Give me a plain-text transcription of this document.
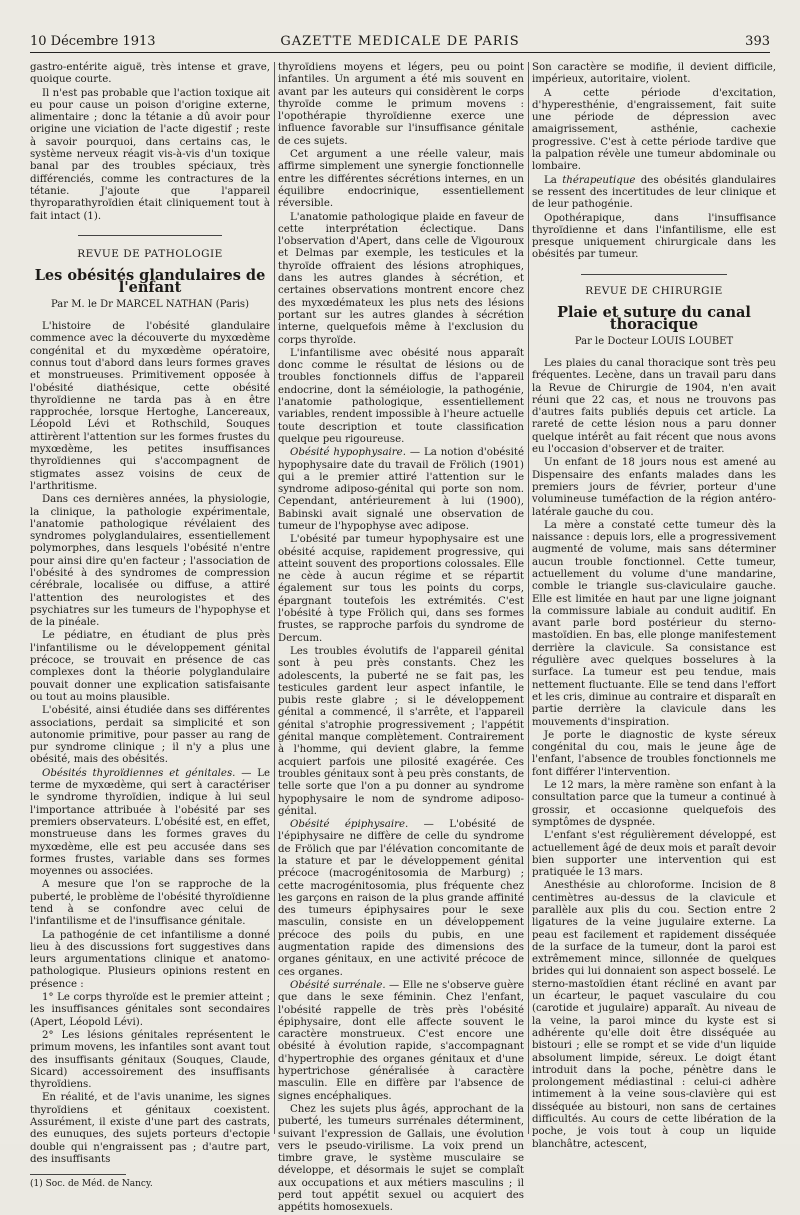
10 Décembre 1913	GAZETTE MEDICALE DE PARIS	393

gastro-entérite aiguë, très intense et grave, quoique courte.

Il n'est pas probable que l'action toxique ait eu pour cause un poison d'origine externe, alimentaire ; donc la tétanie a dû avoir pour origine une viciation de l'acte digestif ; reste à savoir pourquoi, dans certains cas, le système nerveux réagit vis-à-vis d'un toxique banal par des troubles spéciaux, très différenciés, comme les contractures de la tétanie. J'ajoute que l'appareil thyroparathyroïdien était cliniquement tout à fait intact (1).

REVUE DE PATHOLOGIE
Les obésités glandulaires de l'enfant
Par M. le Dr MARCEL NATHAN (Paris)

L'histoire de l'obésité glandulaire commence avec la découverte du myxœdème congénital et du myxœdème opératoire, connus tout d'abord dans leurs formes graves et monstrueuses. Primitivement opposée à l'obésité diathésique, cette obésité thyroïdienne ne tarda pas à en être rapprochée, lorsque Hertoghe, Lancereaux, Léopold Lévi et Rothschild, Souques attirèrent l'attention sur les formes frustes du myxœdème, les petites insuffisances thyroïdiennes qui s'accompagnent de stigmates assez voisins de ceux de l'arthritisme.

Dans ces dernières années, la physiologie, la clinique, la pathologie expérimentale, l'anatomie pathologique révélaient des syndromes polyglandulaires, essentiellement polymorphes, dans lesquels l'obésité n'entre pour ainsi dire qu'en facteur ; l'association de l'obésité à des syndromes de compression cérébrale, localisée ou diffuse, a attiré l'attention des neurologistes et des psychiatres sur les tumeurs de l'hypophyse et de la pinéale.

Le pédiatre, en étudiant de plus près l'infantilisme ou le développement génital précoce, se trouvait en présence de cas complexes dont la théorie polyglandulaire pouvait donner une explication satisfaisante ou tout au moins plausible.

L'obésité, ainsi étudiée dans ses différentes associations, perdait sa simplicité et son autonomie primitive, pour passer au rang de pur syndrome clinique ; il n'y a plus une obésité, mais des obésités.

Obésités thyroïdiennes et génitales. — Le terme de myxœdème, qui sert à caractériser le syndrome thyroïdien, indique à lui seul l'importance attribuée à l'obésité par ses premiers observateurs. L'obésité est, en effet, monstrueuse dans les formes graves du myxœdème, elle est peu accusée dans ses formes frustes, variable dans ses formes moyennes ou associées.

A mesure que l'on se rapproche de la puberté, le problème de l'obésité thyroïdienne tend à se confondre avec celui de l'infantilisme et de l'insuffisance génitale.

La pathogénie de cet infantilisme a donné lieu à des discussions fort suggestives dans leurs argumentations clinique et anatomo-pathologique. Plusieurs opinions restent en présence :

1° Le corps thyroïde est le premier atteint ; les insuffisances génitales sont secondaires (Apert, Léopold Lévi).

2° Les lésions génitales représentent le primum movens, les infantiles sont avant tout des insuffisants génitaux (Souques, Claude, Sicard) accessoirement des insuffisants thyroïdiens.

En réalité, et de l'avis unanime, les signes thyroïdiens et génitaux coexistent. Assurément, il existe d'une part des castrats, des eunuques, des sujets porteurs d'ectopie double qui n'engraissent pas ; d'autre part, des insuffisants

(1) Soc. de Méd. de Nancy.

thyroïdiens moyens et légers, peu ou point infantiles. Un argument a été mis souvent en avant par les auteurs qui considèrent le corps thyroïde comme le primum movens : l'opothérapie thyroïdienne exerce une influence favorable sur l'insuffisance génitale de ces sujets.

Cet argument a une réelle valeur, mais affirme simplement une synergie fonctionnelle entre les différentes sécrétions internes, en un équilibre endocrinique, essentiellement réversible.

L'anatomie pathologique plaide en faveur de cette interprétation éclectique. Dans l'observation d'Apert, dans celle de Vigouroux et Delmas par exemple, les testicules et la thyroïde offraient des lésions atrophiques, dans les autres glandes à sécrétion, et certaines observations montrent encore chez des myxœdémateux les plus nets des lésions portant sur les autres glandes à sécrétion interne, quelquefois même à l'exclusion du corps thyroïde.

L'infantilisme avec obésité nous apparaît donc comme le résultat de lésions ou de troubles fonctionnels diffus de l'appareil endocrine, dont la séméiologie, la pathogénie, l'anatomie pathologique, essentiellement variables, rendent impossible à l'heure actuelle toute description et toute classification quelque peu rigoureuse.

Obésité hypophysaire. — La notion d'obésité hypophysaire date du travail de Frölich (1901) qui a le premier attiré l'attention sur le syndrome adiposo-génital qui porte son nom. Cependant, antérieurement à lui (1900), Babinski avait signalé une observation de tumeur de l'hypophyse avec adipose.

L'obésité par tumeur hypophysaire est une obésité acquise, rapidement progressive, qui atteint souvent des proportions colossales. Elle ne cède à aucun régime et se répartit également sur tous les points du corps, épargnant toutefois les extrémités. C'est l'obésité à type Frölich qui, dans ses formes frustes, se rapproche parfois du syndrome de Dercum.

Les troubles évolutifs de l'appareil génital sont à peu près constants. Chez les adolescents, la puberté ne se fait pas, les testicules gardent leur aspect infantile, le pubis reste glabre ; si le développement génital a commencé, il s'arrête, et l'appareil génital s'atrophie progressivement ; l'appétit génital manque complètement. Contrairement à l'homme, qui devient glabre, la femme acquiert parfois une pilosité exagérée. Ces troubles génitaux sont à peu près constants, de telle sorte que l'on a pu donner au syndrome hypophysaire le nom de syndrome adiposo-génital.

Obésité épiphysaire. — L'obésité de l'épiphysaire ne diffère de celle du syndrome de Frölich que par l'élévation concomitante de la stature et par le développement génital précoce (macrogénitosomia de Marburg) ; cette macrogénitosomia, plus fréquente chez les garçons en raison de la plus grande affinité des tumeurs épiphysaires pour le sexe masculin, consiste en un développement précoce des poils du pubis, en une augmentation rapide des dimensions des organes génitaux, en une activité précoce de ces organes.

Obésité surrénale. — Elle ne s'observe guère que dans le sexe féminin. Chez l'enfant, l'obésité rappelle de très près l'obésité épiphysaire, dont elle affecte souvent le caractère monstrueux. C'est encore une obésité à évolution rapide, s'accompagnant d'hypertrophie des organes génitaux et d'une hypertrichose généralisée à caractère masculin. Elle en diffère par l'absence de signes encéphaliques.

Chez les sujets plus âgés, approchant de la puberté, les tumeurs surrénales déterminent, suivant l'expression de Gallais, une évolution vers le pseudo-virilisme. La voix prend un timbre grave, le système musculaire se développe, et désormais le sujet se complaît aux occupations et aux métiers masculins ; il perd tout appétit sexuel ou acquiert des appétits homosexuels.

Son caractère se modifie, il devient difficile, impérieux, autoritaire, violent.

A cette période d'excitation, d'hyperesthénie, d'engraissement, fait suite une période de dépression avec amaigrissement, asthénie, cachexie progressive. C'est à cette période tardive que la palpation révèle une tumeur abdominale ou lombaire.

La thérapeutique des obésités glandulaires se ressent des incertitudes de leur clinique et de leur pathogénie.

Opothérapique, dans l'insuffisance thyroïdienne et dans l'infantilisme, elle est presque uniquement chirurgicale dans les obésités par tumeur.

REVUE DE CHIRURGIE
Plaie et suture du canal thoracique
Par le Docteur LOUIS LOUBET

Les plaies du canal thoracique sont très peu fréquentes. Lecène, dans un travail paru dans la Revue de Chirurgie de 1904, n'en avait réuni que 22 cas, et nous ne trouvons pas d'autres faits publiés depuis cet article. La rareté de cette lésion nous a paru donner quelque intérêt au fait récent que nous avons eu l'occasion d'observer et de traiter.

Un enfant de 18 jours nous est amené au Dispensaire des enfants malades dans les premiers jours de février, porteur d'une volumineuse tuméfaction de la région antéro-latérale gauche du cou.

La mère a constaté cette tumeur dès la naissance : depuis lors, elle a progressivement augmenté de volume, mais sans déterminer aucun trouble fonctionnel. Cette tumeur, actuellement du volume d'une mandarine, comble le triangle sus-claviculaire gauche. Elle est limitée en haut par une ligne joignant la commissure labiale au conduit auditif. En avant parle bord postérieur du sterno-mastoïdien. En bas, elle plonge manifestement derrière la clavicule. Sa consistance est régulière avec quelques bosselures à la surface. La tumeur est peu tendue, mais nettement fluctuante. Elle se tend dans l'effort et les cris, diminue au contraire et disparaît en partie derrière la clavicule dans les mouvements d'inspiration.

Je porte le diagnostic de kyste séreux congénital du cou, mais le jeune âge de l'enfant, l'absence de troubles fonctionnels me font différer l'intervention.

Le 12 mars, la mère ramène son enfant à la consultation parce que la tumeur a continué à grossir, et occasionne quelquefois des symptômes de dyspnée.

L'enfant s'est régulièrement développé, est actuellement âgé de deux mois et paraît devoir bien supporter une intervention qui est pratiquée le 13 mars.

Anesthésie au chloroforme. Incision de 8 centimètres au-dessus de la clavicule et parallèle aux plis du cou. Section entre 2 ligatures de la veine jugulaire externe. La peau est facilement et rapidement disséquée de la surface de la tumeur, dont la paroi est extrêmement mince, sillonnée de quelques brides qui lui donnaient son aspect bosselé. Le sterno-mastoïdien étant récliné en avant par un écarteur, le paquet vasculaire du cou (carotide et jugulaire) apparaît. Au niveau de la veine, la paroi mince du kyste est si adhérente qu'elle doit être disséquée au bistouri ; elle se rompt et se vide d'un liquide absolument limpide, séreux. Le doigt étant introduit dans la poche, pénètre dans le prolongement médiastinal : celui-ci adhère intimement à la veine sous-clavière qui est disséquée au bistouri, non sans de certaines difficultés. Au cours de cette libération de la poche, je vois tout à coup un liquide blanchâtre, actescent,
